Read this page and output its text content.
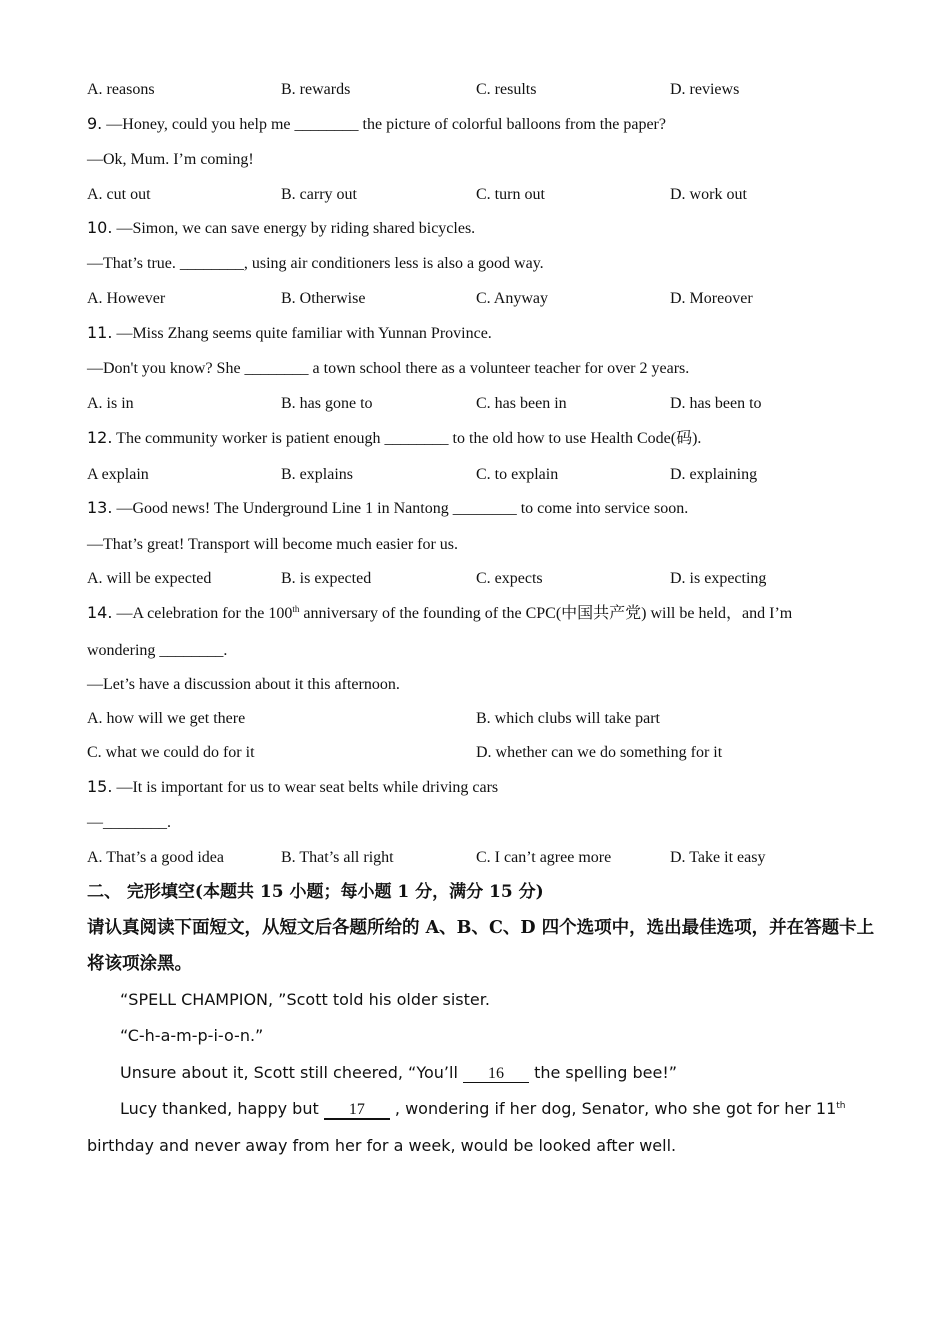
A. reasons	B. rewards	C. results	D. reviews
9. —Honey, could you help me ________ the picture of colorful balloons from the paper?
—Ok, Mum. I’m coming!
A. cut out	B. carry out	C. turn out	D. work out
10. —Simon, we can save energy by riding shared bicycles.
—That’s true. ________, using air conditioners less is also a good way.
A. However	B. Otherwise	C. Anyway	D. Moreover
11. —Miss Zhang seems quite familiar with Yunnan Province.
—Don't you know? She ________ a town school there as a volunteer teacher for over 2 years.
A. is in	B. has gone to	C. has been in	D. has been to
12. The community worker is patient enough ________ to the old how to use Health Code(码).
A explain	B. explains	C. to explain	D. explaining
13. —Good news! The Underground Line 1 in Nantong ________ to come into service soon.
—That’s great! Transport will become much easier for us.
A. will be expected	B. is expected	C. expects	D. is expecting
14. —A celebration for the 100th anniversary of the founding of the CPC(中国共产党) will be held，and I’m
wondering ________.
—Let’s have a discussion about it this afternoon.
A. how will we get there	B. which clubs will take part
C. what we could do for it	D. whether can we do something for it
15. —It is important for us to wear seat belts while driving cars
—________.
A. That’s a good idea	B. That’s all right	C. I can’t agree more	D. Take it easy
二、 完形填空(本题共 15 小题；每小题 1 分，满分 15 分)
请认真阅读下面短文，从短文后各题所给的 A、B、C、D 四个选项中，选出最佳选项，并在答题卡上将该项涂黑。
“SPELL CHAMPION, ”Scott told his older sister.
“C-h-a-m-p-i-o-n.”
Unsure about it, Scott still cheered, “You’ll 16 the spelling bee!”
Lucy thanked, happy but 17 , wondering if her dog, Senator, who she got for her 11th
birthday and never away from her for a week, would be looked after well.
